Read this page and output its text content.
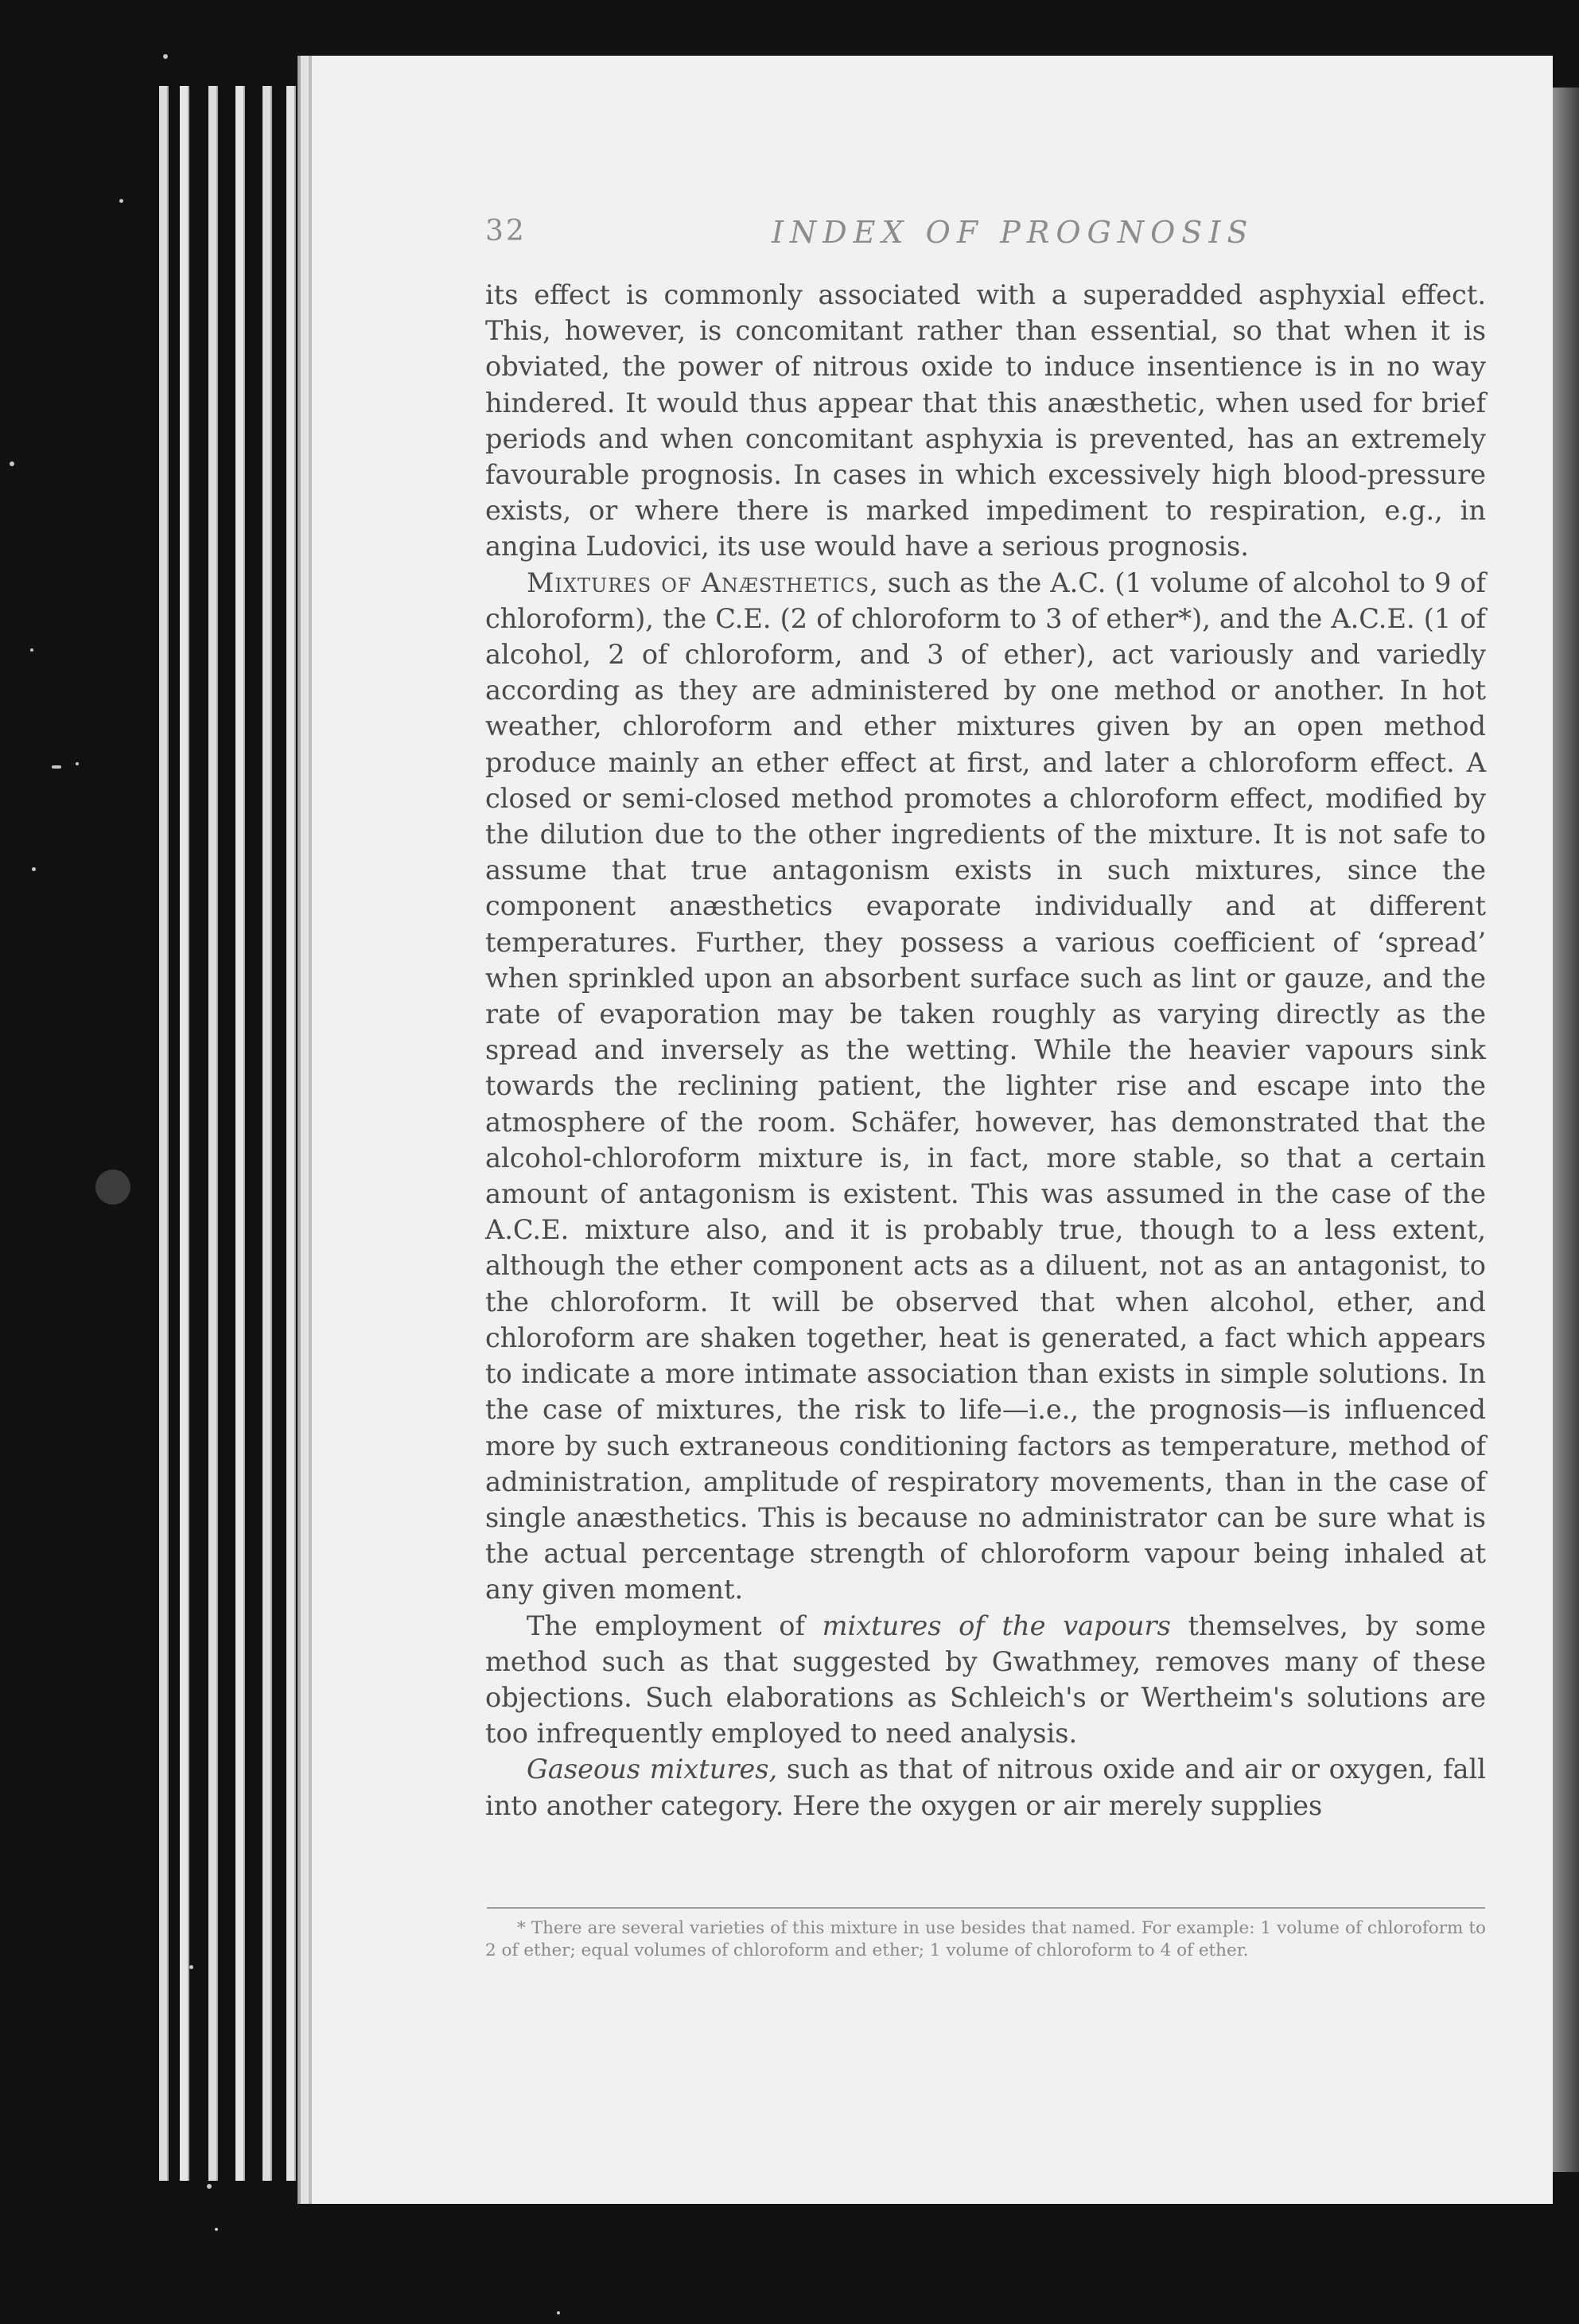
32	INDEX OF PROGNOSIS

its effect is commonly associated with a superadded asphyxial effect. This, however, is concomitant rather than essential, so that when it is obviated, the power of nitrous oxide to induce insentience is in no way hindered. It would thus appear that this anæsthetic, when used for brief periods and when concomitant asphyxia is prevented, has an extremely favourable prognosis. In cases in which excessively high blood-pressure exists, or where there is marked impediment to respiration, e.g., in angina Ludovici, its use would have a serious prognosis.

Mixtures of Anæsthetics, such as the A.C. (1 volume of alcohol to 9 of chloroform), the C.E. (2 of chloroform to 3 of ether*), and the A.C.E. (1 of alcohol, 2 of chloroform, and 3 of ether), act variously and variedly according as they are administered by one method or another. In hot weather, chloroform and ether mixtures given by an open method produce mainly an ether effect at first, and later a chloroform effect. A closed or semi-closed method promotes a chloroform effect, modified by the dilution due to the other ingredients of the mixture. It is not safe to assume that true antagonism exists in such mixtures, since the component anæsthetics evaporate individually and at different temperatures. Further, they possess a various coefficient of ‘spread’ when sprinkled upon an absorbent surface such as lint or gauze, and the rate of evaporation may be taken roughly as varying directly as the spread and inversely as the wetting. While the heavier vapours sink towards the reclining patient, the lighter rise and escape into the atmosphere of the room. Schäfer, however, has demonstrated that the alcohol-chloroform mixture is, in fact, more stable, so that a certain amount of antagonism is existent. This was assumed in the case of the A.C.E. mixture also, and it is probably true, though to a less extent, although the ether component acts as a diluent, not as an antagonist, to the chloroform. It will be observed that when alcohol, ether, and chloroform are shaken together, heat is generated, a fact which appears to indicate a more intimate association than exists in simple solutions. In the case of mixtures, the risk to life—i.e., the prognosis—is influenced more by such extraneous conditioning factors as temperature, method of administration, amplitude of respiratory movements, than in the case of single anæsthetics. This is because no administrator can be sure what is the actual percentage strength of chloroform vapour being inhaled at any given moment.

The employment of mixtures of the vapours themselves, by some method such as that suggested by Gwathmey, removes many of these objections. Such elaborations as Schleich's or Wertheim's solutions are too infrequently employed to need analysis.

Gaseous mixtures, such as that of nitrous oxide and air or oxygen, fall into another category. Here the oxygen or air merely supplies

* There are several varieties of this mixture in use besides that named. For example: 1 volume of chloroform to 2 of ether; equal volumes of chloroform and ether; 1 volume of chloroform to 4 of ether.
